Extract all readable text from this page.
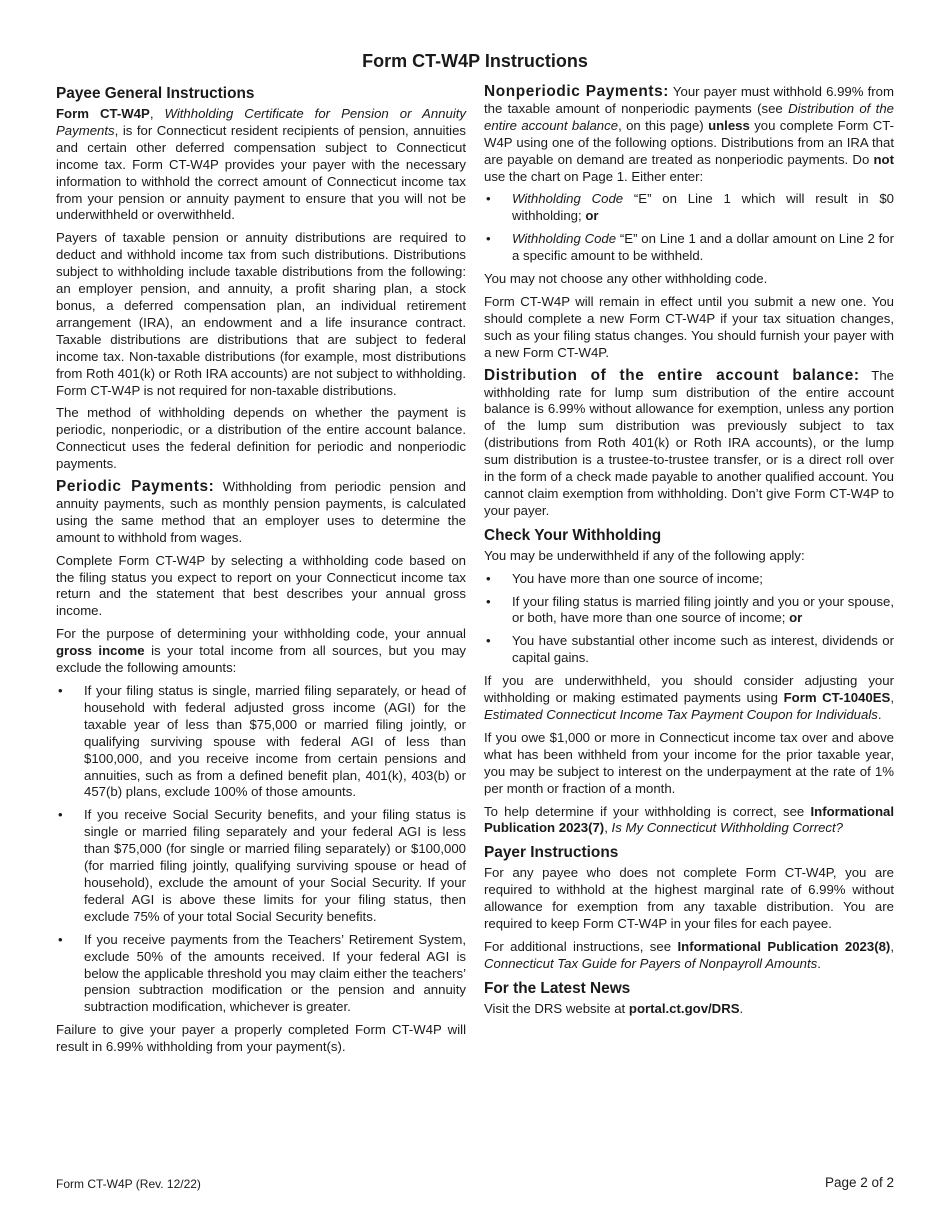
Form CT-W4P Instructions
Payee General Instructions

Form CT-W4P, Withholding Certificate for Pension or Annuity Payments, is for Connecticut resident recipients of pension, annuities and certain other deferred compensation subject to Connecticut income tax. Form CT-W4P provides your payer with the necessary information to withhold the correct amount of Connecticut income tax from your pension or annuity payment to ensure that you will not be underwithheld or overwithheld.

Payers of taxable pension or annuity distributions are required to deduct and withhold income tax from such distributions. Distributions subject to withholding include taxable distributions from the following: an employer pension, and annuity, a profit sharing plan, a stock bonus, a deferred compensation plan, an individual retirement arrangement (IRA), an endowment and a life insurance contract. Taxable distributions are distributions that are subject to federal income tax. Non-taxable distributions (for example, most distributions from Roth 401(k) or Roth IRA accounts) are not subject to withholding. Form CT-W4P is not required for non-taxable distributions.

The method of withholding depends on whether the payment is periodic, nonperiodic, or a distribution of the entire account balance. Connecticut uses the federal definition for periodic and nonperiodic payments.

Periodic Payments: Withholding from periodic pension and annuity payments, such as monthly pension payments, is calculated using the same method that an employer uses to determine the amount to withhold from wages.

Complete Form CT-W4P by selecting a withholding code based on the filing status you expect to report on your Connecticut income tax return and the statement that best describes your annual gross income.

For the purpose of determining your withholding code, your annual gross income is your total income from all sources, but you may exclude the following amounts:

• If your filing status is single, married filing separately, or head of household with federal adjusted gross income (AGI) for the taxable year of less than $75,000 or married filing jointly, or qualifying surviving spouse with federal AGI of less than $100,000, and you receive income from certain pensions and annuities, such as from a defined benefit plan, 401(k), 403(b) or 457(b) plans, exclude 100% of those amounts.
• If you receive Social Security benefits, and your filing status is single or married filing separately and your federal AGI is less than $75,000 (for single or married filing separately) or $100,000 (for married filing jointly, qualifying surviving spouse or head of household), exclude the amount of your Social Security. If your federal AGI is above these limits for your filing status, then exclude 75% of your total Social Security benefits.
• If you receive payments from the Teachers’ Retirement System, exclude 50% of the amounts received. If your federal AGI is below the applicable threshold you may claim either the teachers’ pension subtraction modification or the pension and annuity subtraction modification, whichever is greater.

Failure to give your payer a properly completed Form CT-W4P will result in 6.99% withholding from your payment(s).

Nonperiodic Payments: Your payer must withhold 6.99% from the taxable amount of nonperiodic payments (see Distribution of the entire account balance, on this page) unless you complete Form CT-W4P using one of the following options. Distributions from an IRA that are payable on demand are treated as nonperiodic payments. Do not use the chart on Page 1. Either enter:

• Withholding Code “E” on Line 1 which will result in $0 withholding; or
• Withholding Code “E” on Line 1 and a dollar amount on Line 2 for a specific amount to be withheld.

You may not choose any other withholding code.

Form CT-W4P will remain in effect until you submit a new one. You should complete a new Form CT-W4P if your tax situation changes, such as your filing status changes. You should furnish your payer with a new Form CT-W4P.

Distribution of the entire account balance: The withholding rate for lump sum distribution of the entire account balance is 6.99% without allowance for exemption, unless any portion of the lump sum distribution was previously subject to tax (distributions from Roth 401(k) or Roth IRA accounts), or the lump sum distribution is a trustee-to-trustee transfer, or is a direct roll over in the form of a check made payable to another qualified account. You cannot claim exemption from withholding. Don’t give Form CT-W4P to your payer.

Check Your Withholding

You may be underwithheld if any of the following apply:

• You have more than one source of income;
• If your filing status is married filing jointly and you or your spouse, or both, have more than one source of income; or
• You have substantial other income such as interest, dividends or capital gains.

If you are underwithheld, you should consider adjusting your withholding or making estimated payments using Form CT-1040ES, Estimated Connecticut Income Tax Payment Coupon for Individuals.

If you owe $1,000 or more in Connecticut income tax over and above what has been withheld from your income for the prior taxable year, you may be subject to interest on the underpayment at the rate of 1% per month or fraction of a month.

To help determine if your withholding is correct, see Informational Publication 2023(7), Is My Connecticut Withholding Correct?

Payer Instructions

For any payee who does not complete Form CT-W4P, you are required to withhold at the highest marginal rate of 6.99% without allowance for exemption from any taxable distribution. You are required to keep Form CT-W4P in your files for each payee.

For additional instructions, see Informational Publication 2023(8), Connecticut Tax Guide for Payers of Nonpayroll Amounts.

For the Latest News

Visit the DRS website at portal.ct.gov/DRS.

Form CT-W4P (Rev. 12/22)	Page 2 of 2
